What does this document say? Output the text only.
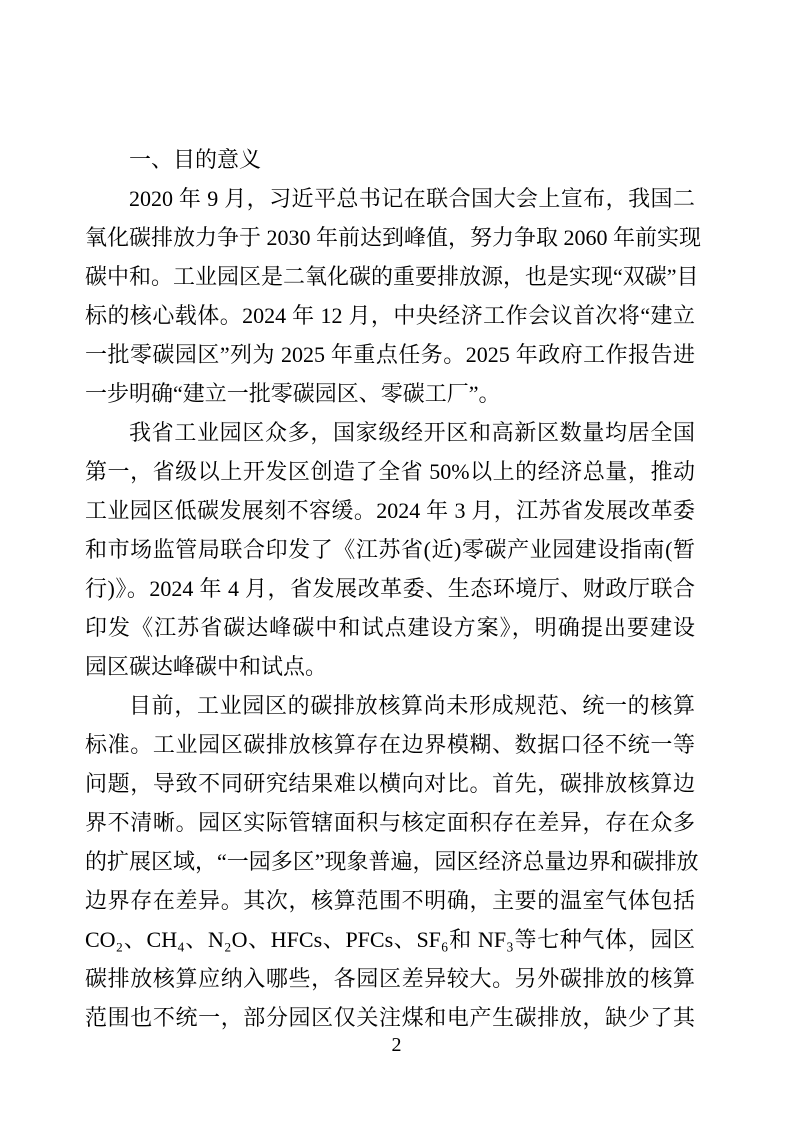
一、目的意义
2020 年 9 月，习近平总书记在联合国大会上宣布，我国二
氧化碳排放力争于 2030 年前达到峰值，努力争取 2060 年前实现
碳中和。工业园区是二氧化碳的重要排放源，也是实现“双碳”目
标的核心载体。2024 年 12 月，中央经济工作会议首次将“建立
一批零碳园区”列为 2025 年重点任务。2025 年政府工作报告进
一步明确“建立一批零碳园区、零碳工厂”。
我省工业园区众多，国家级经开区和高新区数量均居全国
第一，省级以上开发区创造了全省 50%以上的经济总量，推动
工业园区低碳发展刻不容缓。2024 年 3 月，江苏省发展改革委
和市场监管局联合印发了《江苏省(近)零碳产业园建设指南(暂
行)》。2024 年 4 月，省发展改革委、生态环境厅、财政厅联合
印发《江苏省碳达峰碳中和试点建设方案》，明确提出要建设
园区碳达峰碳中和试点。
目前，工业园区的碳排放核算尚未形成规范、统一的核算
标准。工业园区碳排放核算存在边界模糊、数据口径不统一等
问题，导致不同研究结果难以横向对比。首先，碳排放核算边
界不清晰。园区实际管辖面积与核定面积存在差异，存在众多
的扩展区域，“一园多区”现象普遍，园区经济总量边界和碳排放
边界存在差异。其次，核算范围不明确，主要的温室气体包括
CO₂、CH₄、N₂O、HFCs、PFCs、SF₆和 NF₃等七种气体，园区
碳排放核算应纳入哪些，各园区差异较大。另外碳排放的核算
范围也不统一，部分园区仅关注煤和电产生碳排放，缺少了其
2
